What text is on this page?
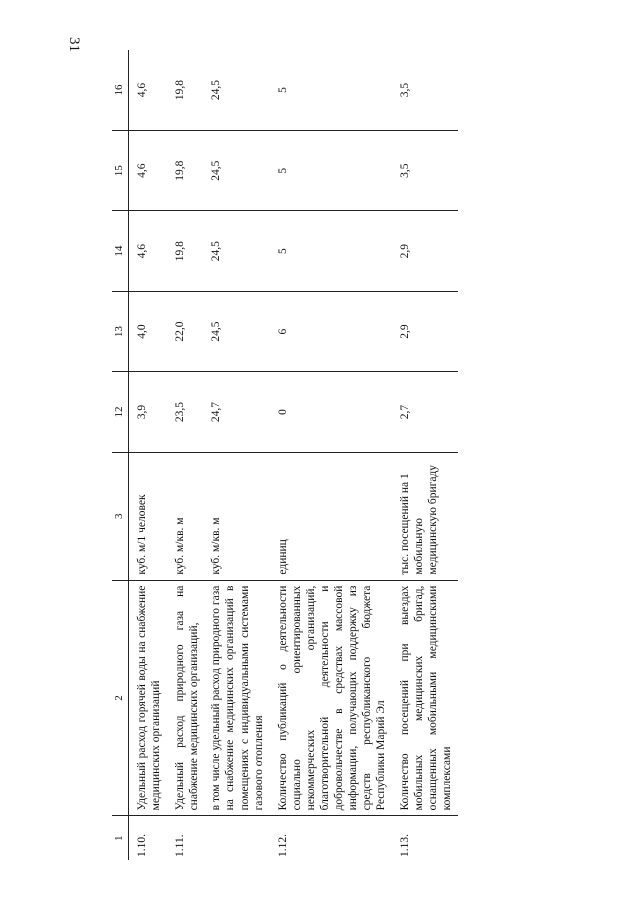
31
1	2	3	12	13	14	15	16
1.10.	Удельный расход горячей воды на снабжение медицинских организаций	куб. м/1 человек	3,9	4,0	4,6	4,6	4,6
1.11.	Удельный расход природного газа на снабжение медицинских организаций,	куб. м/кв. м	23,5	22,0	19,8	19,8	19,8
	в том числе удельный расход природного газа на снабжение медицинских организаций в помещениях с индивидуальными системами газового отопления	куб. м/кв. м	24,7	24,5	24,5	24,5	24,5
1.12.	Количество публикаций о деятельности социально ориентированных некоммерческих организаций, благотворительной деятельности и добровольчестве в средствах массовой информации, получающих поддержку из средств республиканского бюджета Республики Марий Эл	единиц	0	6	5	5	5
1.13.	Количество посещений при выездах мобильных медицинских бригад, оснащенных мобильными медицинскими комплексами	тыс. посещений на 1 мобильную медицинскую бригаду	2,7	2,9	2,9	3,5	3,5
